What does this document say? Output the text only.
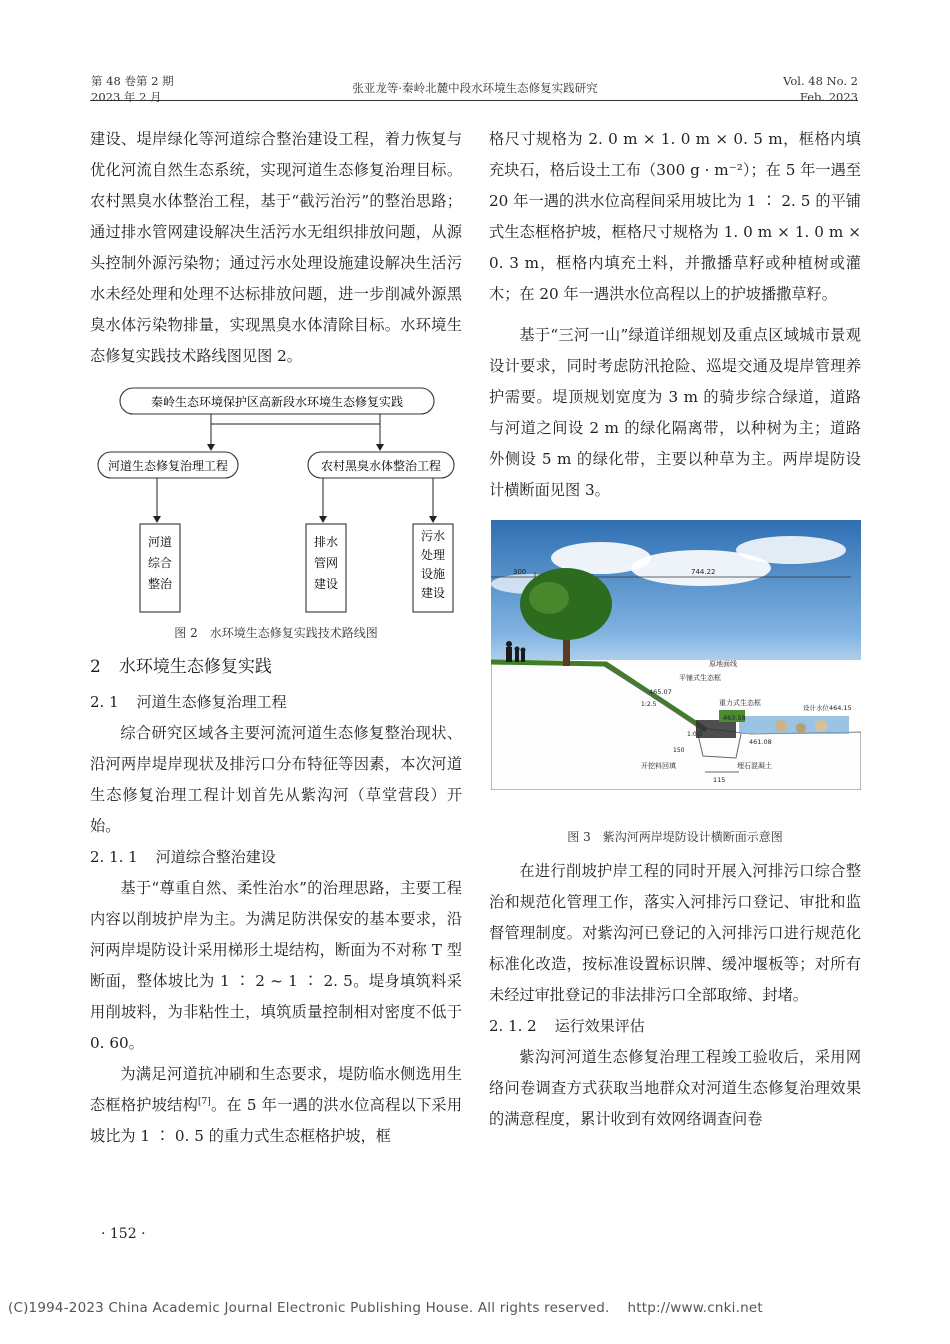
第 48 卷第 2 期
2023 年 2 月
张亚龙等·秦岭北麓中段水环境生态修复实践研究	Vol. 48 No. 2
Feb. 2023

建设、堤岸绿化等河道综合整治建设工程，着力恢复与优化河流自然生态系统，实现河道生态修复治理目标。农村黑臭水体整治工程，基于“截污治污”的整治思路；通过排水管网建设解决生活污水无组织排放问题，从源头控制外源污染物；通过污水处理设施建设解决生活污水未经处理和处理不达标排放问题，进一步削减外源黑臭水体污染物排量，实现黑臭水体清除目标。水环境生态修复实践技术路线图见图 2。

秦岭生态环境保护区高新段水环境生态修复实践
河道生态修复治理工程	农村黑臭水体整治工程
河道
综合
整治
排水
管网
建设
污水
处理
设施
建设
图 2　水环境生态修复实践技术路线图
2 水环境生态修复实践
2. 1 河道生态修复治理工程

综合研究区域各主要河流河道生态修复整治现状、沿河两岸堤岸现状及排污口分布特征等因素，本次河道生态修复治理工程计划首先从紫沟河（草堂营段）开始。

2. 1. 1 河道综合整治建设

基于“尊重自然、柔性治水”的治理思路，主要工程内容以削坡护岸为主。为满足防洪保安的基本要求，沿河两岸堤防设计采用梯形土堤结构，断面为不对称 T 型断面，整体坡比为 1 ∶ 2 ~ 1 ∶ 2. 5。堤身填筑料采用削坡料，为非粘性土，填筑质量控制相对密度不低于 0. 60。

为满足河道抗冲刷和生态要求，堤防临水侧选用生态框格护坡结构[7]。在 5 年一遇的洪水位高程以下采用坡比为 1 ∶ 0. 5 的重力式生态框格护坡，框

格尺寸规格为 2. 0 m × 1. 0 m × 0. 5 m，框格内填充块石，格后设土工布（300 g · m⁻²）；在 5 年一遇至 20 年一遇的洪水位高程间采用坡比为 1 ∶ 2. 5 的平铺式生态框格护坡，框格尺寸规格为 1. 0 m × 1. 0 m × 0. 3 m，框格内填充土料，并撒播草籽或种植树或灌木；在 20 年一遇洪水位高程以上的护坡播撒草籽。

基于“三河一山”绿道详细规划及重点区域城市景观设计要求，同时考虑防汛抢险、巡堤交通及堤岸管理养护需要。堤顶规划宽度为 3 m 的骑步综合绿道，道路与河道之间设 2 m 的绿化隔离带，以种树为主；道路外侧设 5 m 的绿化带，主要以种草为主。两岸堤防设计横断面见图 3。

300	744.22
原地面线
平铺式生态框
重力式生态框
设计水位464.15
465.07
463.58
1:2.5
1:0.5
461.08
150
开挖料回填	埋石混凝土
115
图 3　紫沟河两岸堤防设计横断面示意图

在进行削坡护岸工程的同时开展入河排污口综合整治和规范化管理工作，落实入河排污口登记、审批和监督管理制度。对紫沟河已登记的入河排污口进行规范化标准化改造，按标准设置标识牌、缓冲堰板等；对所有未经过审批登记的非法排污口全部取缔、封堵。

2. 1. 2 运行效果评估

紫沟河河道生态修复治理工程竣工验收后，采用网络问卷调查方式获取当地群众对河道生态修复治理效果的满意程度，累计收到有效网络调查问卷

· 152 ·
(C)1994-2023 China Academic Journal Electronic Publishing House. All rights reserved. http://www.cnki.net
